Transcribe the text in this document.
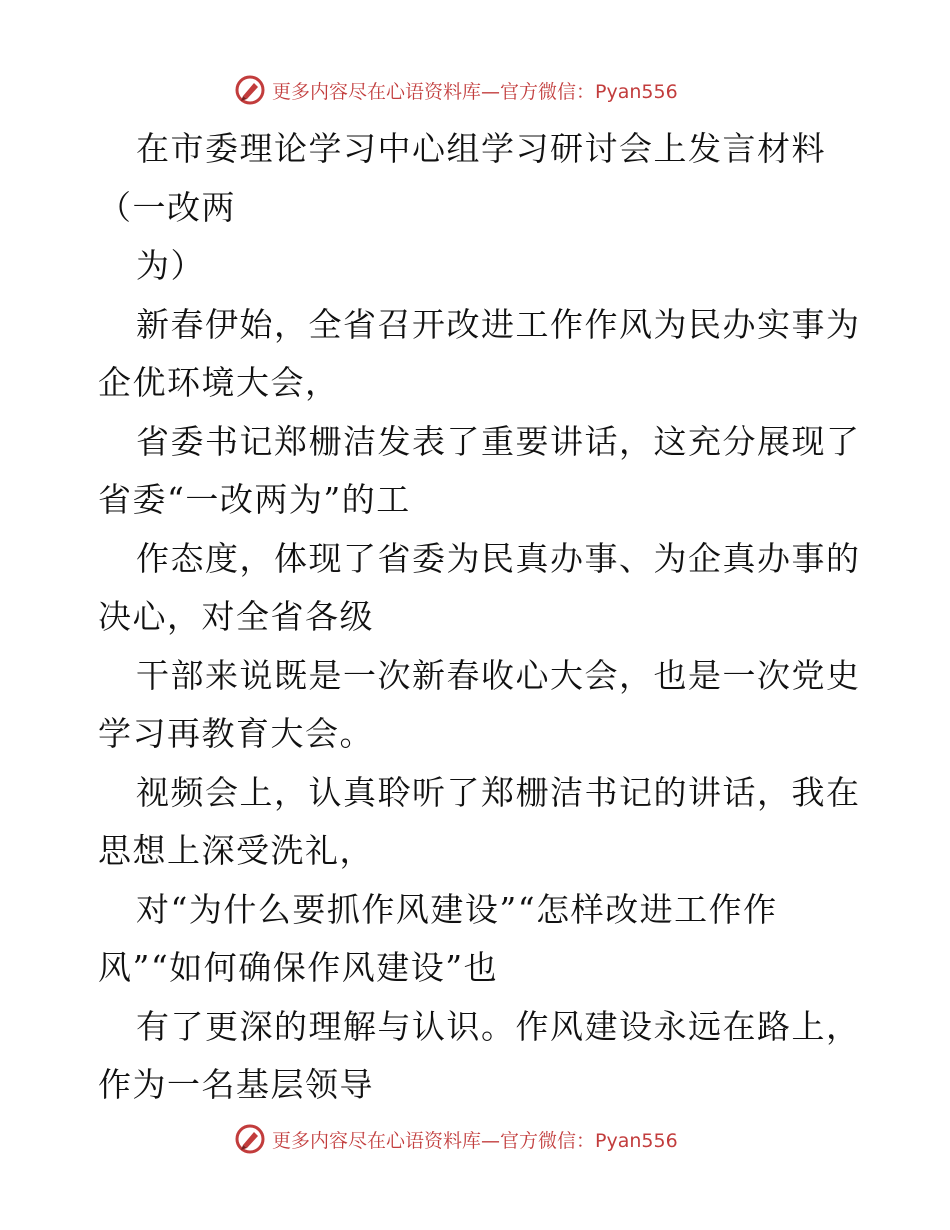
更多内容尽在心语资料库—官方微信：Pyan556
在市委理论学习中心组学习研讨会上发言材料
（一改两
为）
新春伊始，全省召开改进工作作风为民办实事为
企优环境大会，
省委书记郑栅洁发表了重要讲话，这充分展现了
省委“一改两为”的工
作态度，体现了省委为民真办事、为企真办事的
决心，对全省各级
干部来说既是一次新春收心大会，也是一次党史
学习再教育大会。
视频会上，认真聆听了郑栅洁书记的讲话，我在
思想上深受洗礼，
对“为什么要抓作风建设”“怎样改进工作作
风”“如何确保作风建设”也
有了更深的理解与认识。作风建设永远在路上，
作为一名基层领导
更多内容尽在心语资料库—官方微信：Pyan556
